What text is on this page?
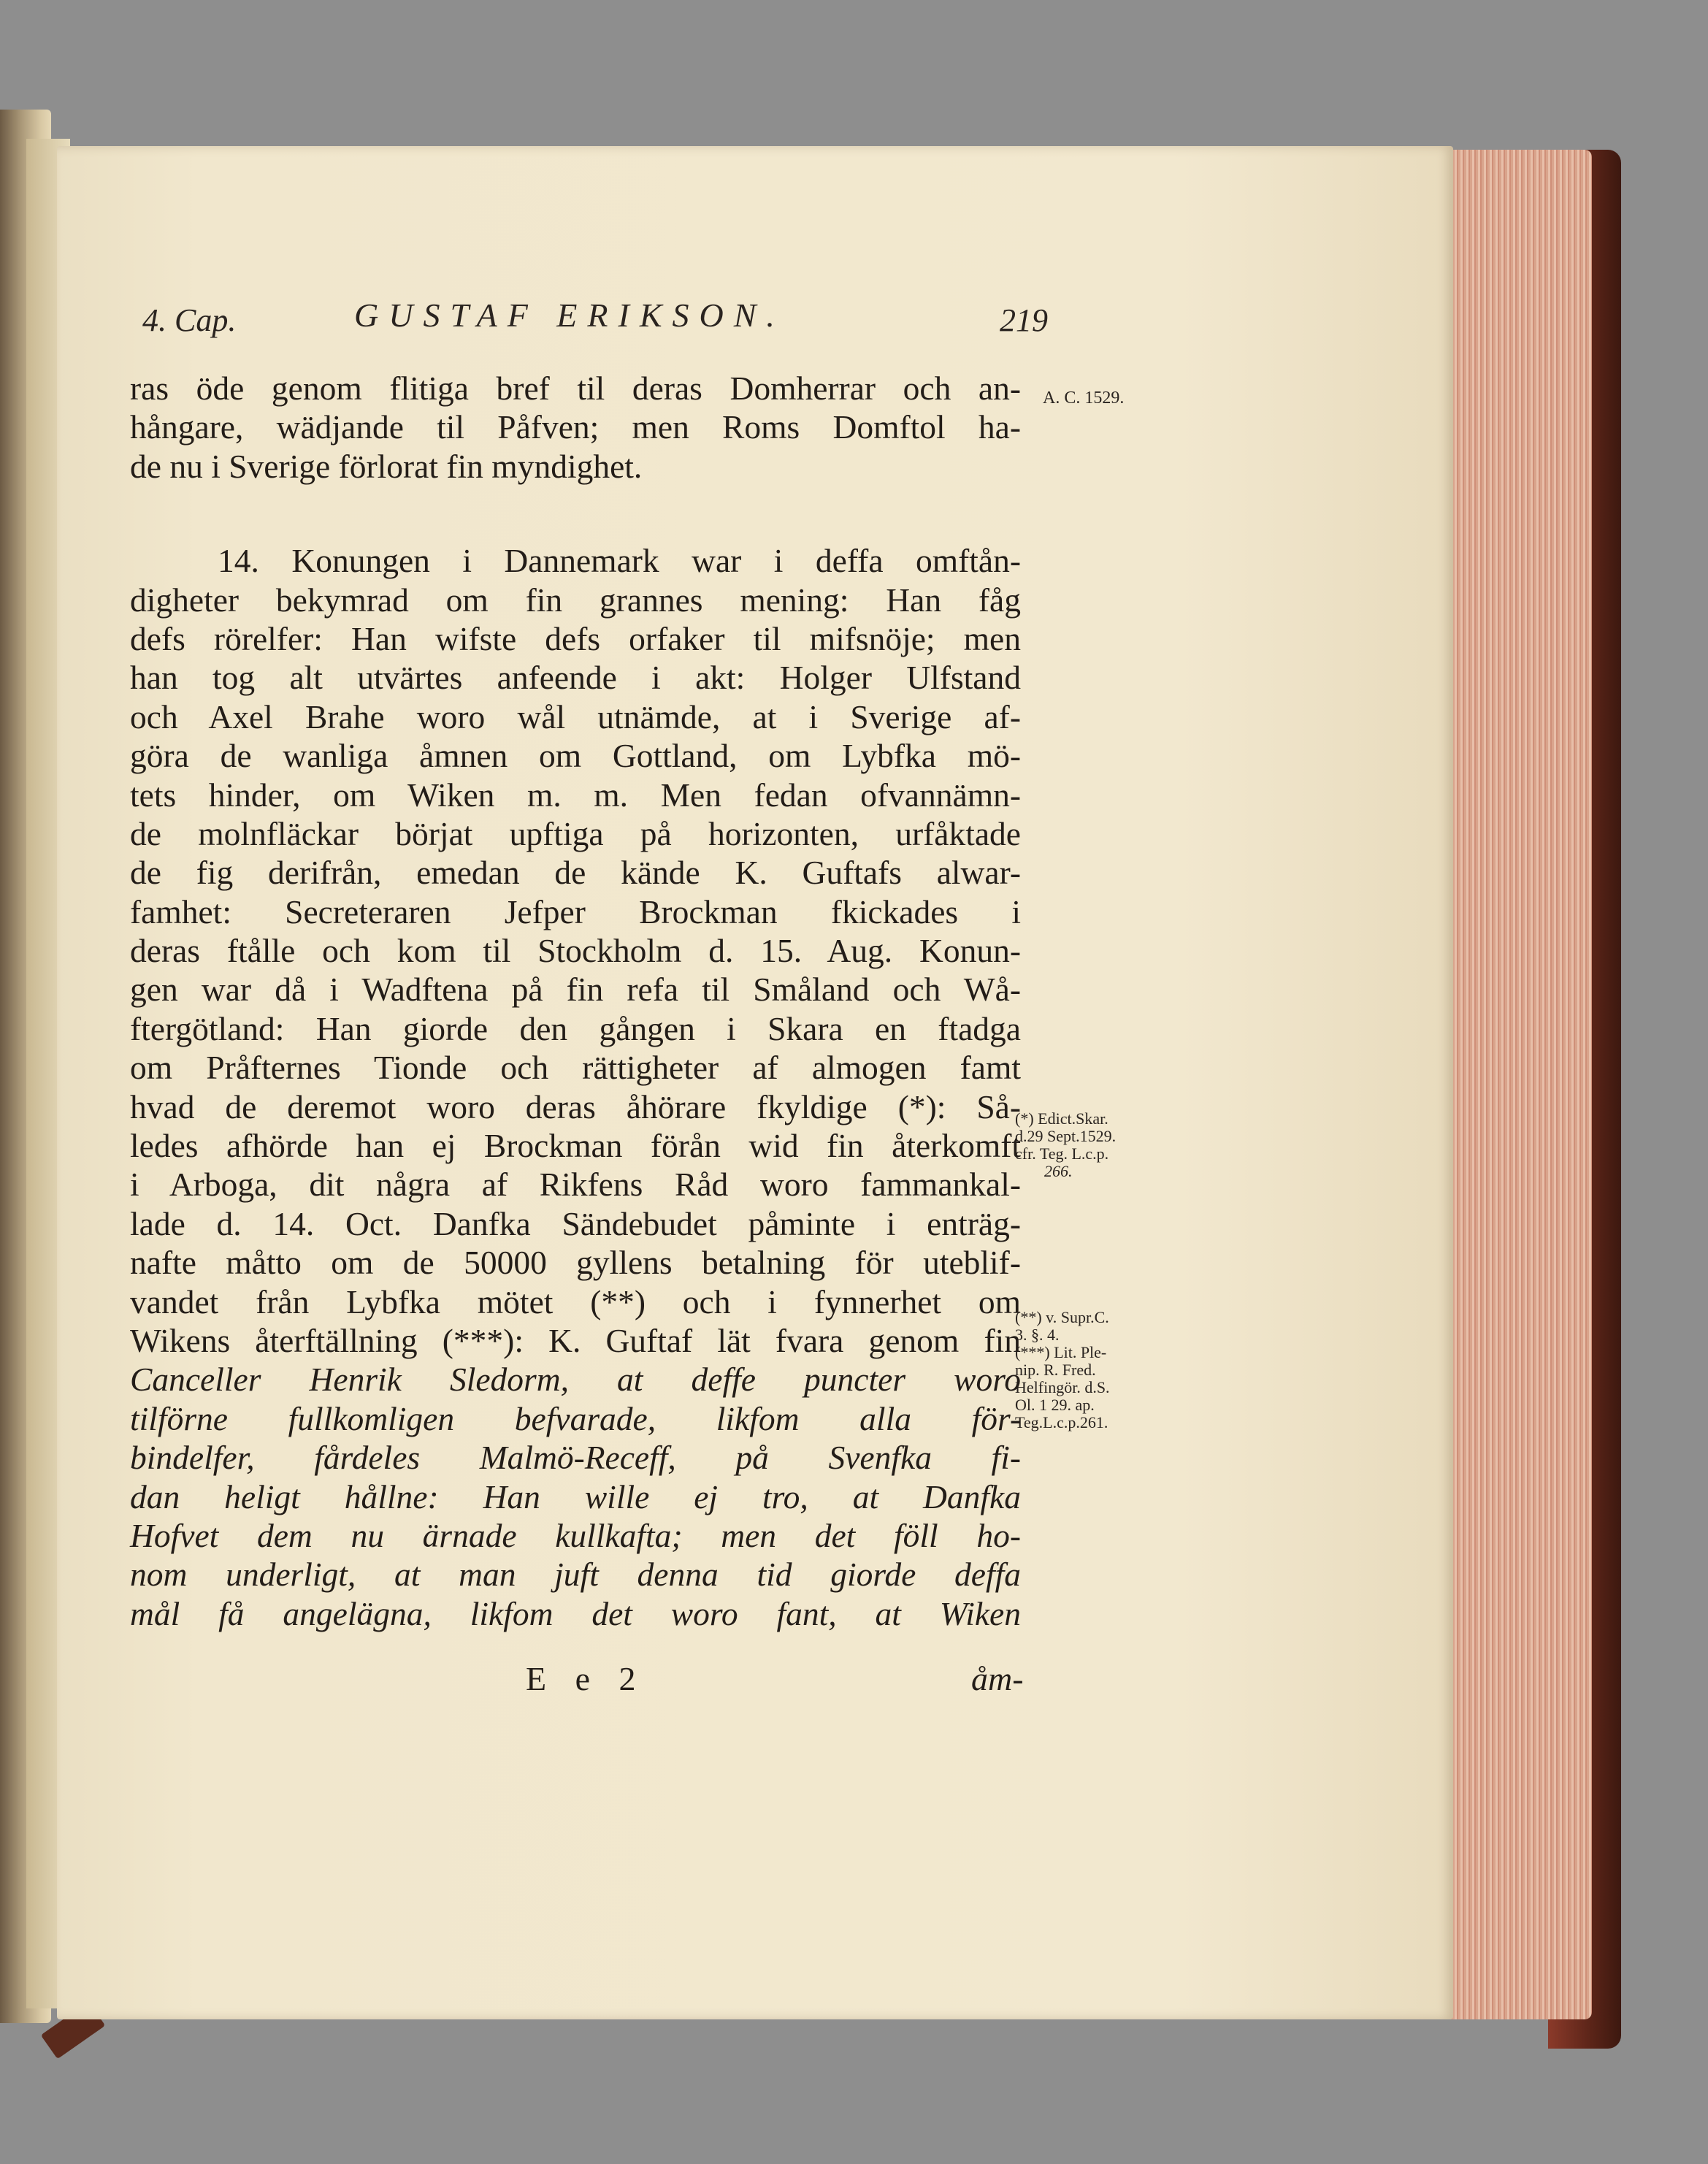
4. Cap.	GUSTAF ERIKSON.	219
A. C. 1529.
(*) Edict.Skar.
d.29 Sept.1529.
cfr. Teg. L.c.p.
266.
(**) v. Supr.C.
3. §. 4.
(***) Lit. Ple-
nip. R. Fred.
Helfingör. d.S.
Ol. 1 29. ap.
Teg.L.c.p.261.
ras öde genom flitiga bref til deras Domherrar och an-
hångare, wädjande til Påfven; men Roms Domftol ha-
de nu i Sverige förlorat fin myndighet.
14. Konungen i Dannemark war i deffa omftån-
digheter bekymrad om fin grannes mening: Han fåg
defs rörelfer: Han wifste defs orfaker til mifsnöje; men
han tog alt utvärtes anfeende i akt: Holger Ulfstand
och Axel Brahe woro wål utnämde, at i Sverige af-
göra de wanliga åmnen om Gottland, om Lybfka mö-
tets hinder, om Wiken m. m. Men fedan ofvannämn-
de molnfläckar börjat upftiga på horizonten, urfåktade
de fig derifrån, emedan de kände K. Guftafs alwar-
famhet: Secreteraren Jefper Brockman fkickades i
deras ftålle och kom til Stockholm d. 15. Aug. Konun-
gen war då i Wadftena på fin refa til Småland och Wå-
ftergötland: Han giorde den gången i Skara en ftadga
om Pråfternes Tionde och rättigheter af almogen famt
hvad de deremot woro deras åhörare fkyldige (*): Så-
ledes afhörde han ej Brockman förån wid fin återkomft
i Arboga, dit några af Rikfens Råd woro fammankal-
lade d. 14. Oct. Danfka Sändebudet påminte i enträg-
nafte måtto om de 50000 gyllens betalning för uteblif-
vandet från Lybfka mötet (**) och i fynnerhet om
Wikens återftällning (***): K. Guftaf lät fvara genom fin
Canceller Henrik Sledorm, at deffe puncter woro
tilförne fullkomligen befvarade, likfom alla för-
bindelfer, fårdeles Malmö-Receff, på Svenfka fi-
dan heligt hållne: Han wille ej tro, at Danfka
Hofvet dem nu ärnade kullkafta; men det föll ho-
nom underligt, at man juft denna tid giorde deffa
mål få angelägna, likfom det woro fant, at Wiken
E e 2	åm-
